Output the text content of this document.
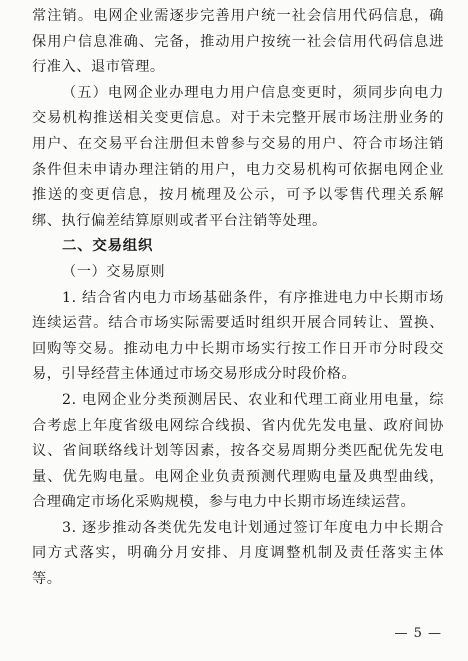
常注销。电网企业需逐步完善用户统一社会信用代码信息，确保用户信息准确、完备，推动用户按统一社会信用代码信息进行准入、退市管理。

（五）电网企业办理电力用户信息变更时，须同步向电力交易机构推送相关变更信息。对于未完整开展市场注册业务的用户、在交易平台注册但未曾参与交易的用户、符合市场注销条件但未申请办理注销的用户，电力交易机构可依据电网企业推送的变更信息，按月梳理及公示，可予以零售代理关系解绑、执行偏差结算原则或者平台注销等处理。

二、交易组织

（一）交易原则

1. 结合省内电力市场基础条件，有序推进电力中长期市场连续运营。结合市场实际需要适时组织开展合同转让、置换、回购等交易。推动电力中长期市场实行按工作日开市分时段交易，引导经营主体通过市场交易形成分时段价格。

2. 电网企业分类预测居民、农业和代理工商业用电量，综合考虑上年度省级电网综合线损、省内优先发电量、政府间协议、省间联络线计划等因素，按各交易周期分类匹配优先发电量、优先购电量。电网企业负责预测代理购电量及典型曲线，合理确定市场化采购规模，参与电力中长期市场连续运营。

3. 逐步推动各类优先发电计划通过签订年度电力中长期合同方式落实，明确分月安排、月度调整机制及责任落实主体等。

— 5 —
